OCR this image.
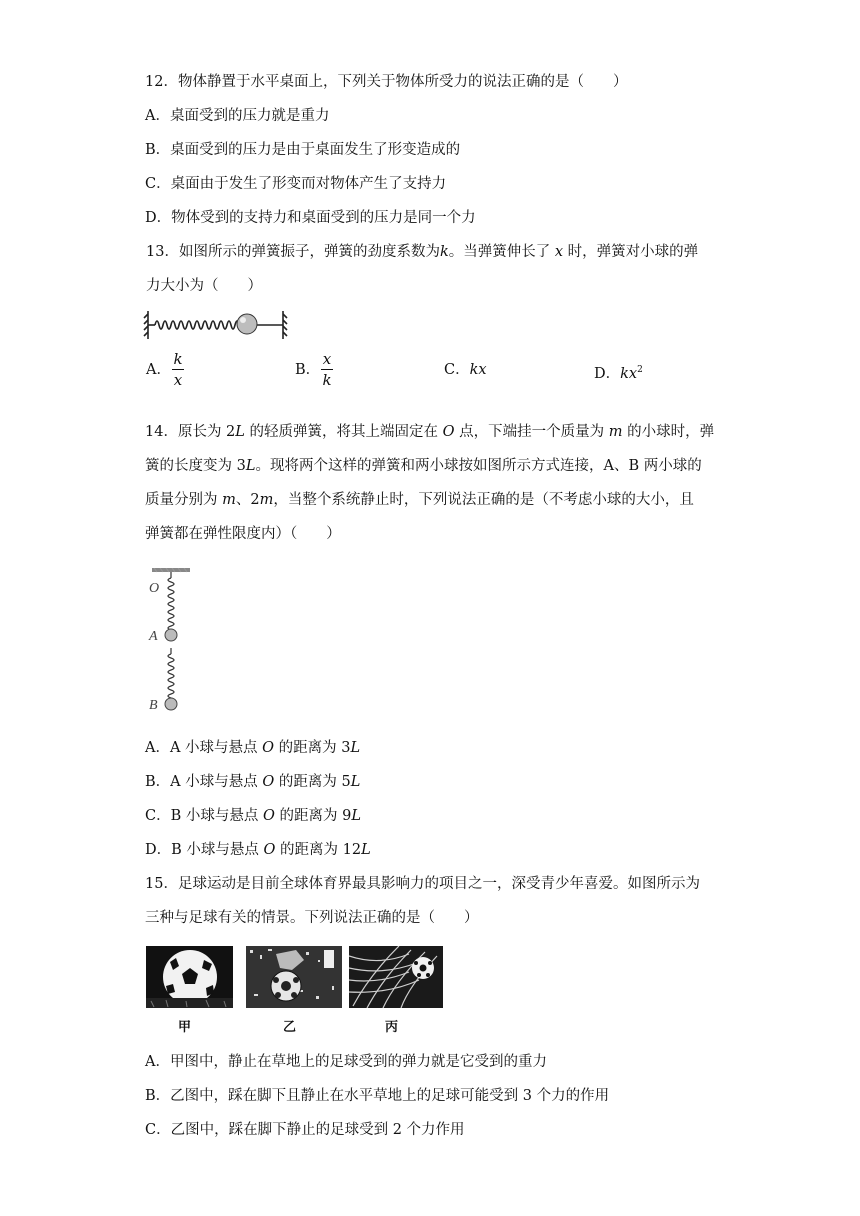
12．物体静置于水平桌面上，下列关于物体所受力的说法正确的是（　　）
A．桌面受到的压力就是重力
B．桌面受到的压力是由于桌面发生了形变造成的
C．桌面由于发生了形变而对物体产生了支持力
D．物体受到的支持力和桌面受到的压力是同一个力
13．如图所示的弹簧振子，弹簧的劲度系数为k。当弹簧伸长了 x 时，弹簧对小球的弹
力大小为（　　）
A．
k
x
B．
x
k
C．kx	D．$kx^2$
14．原长为 2L 的轻质弹簧，将其上端固定在 O 点，下端挂一个质量为 m 的小球时，弹
簧的长度变为 3L。现将两个这样的弹簧和两小球按如图所示方式连接，A、B 两小球的
质量分别为 m、2m，当整个系统静止时，下列说法正确的是（不考虑小球的大小，且
弹簧都在弹性限度内）（　　）
O
A
B
A．A 小球与悬点 O 的距离为 3L
B．A 小球与悬点 O 的距离为 5L
C．B 小球与悬点 O 的距离为 9L
D．B 小球与悬点 O 的距离为 12L
15．足球运动是目前全球体育界最具影响力的项目之一，深受青少年喜爱。如图所示为
三种与足球有关的情景。下列说法正确的是（　　）
甲	乙	丙
A．甲图中，静止在草地上的足球受到的弹力就是它受到的重力
B．乙图中，踩在脚下且静止在水平草地上的足球可能受到 3 个力的作用
C．乙图中，踩在脚下静止的足球受到 2 个力作用
